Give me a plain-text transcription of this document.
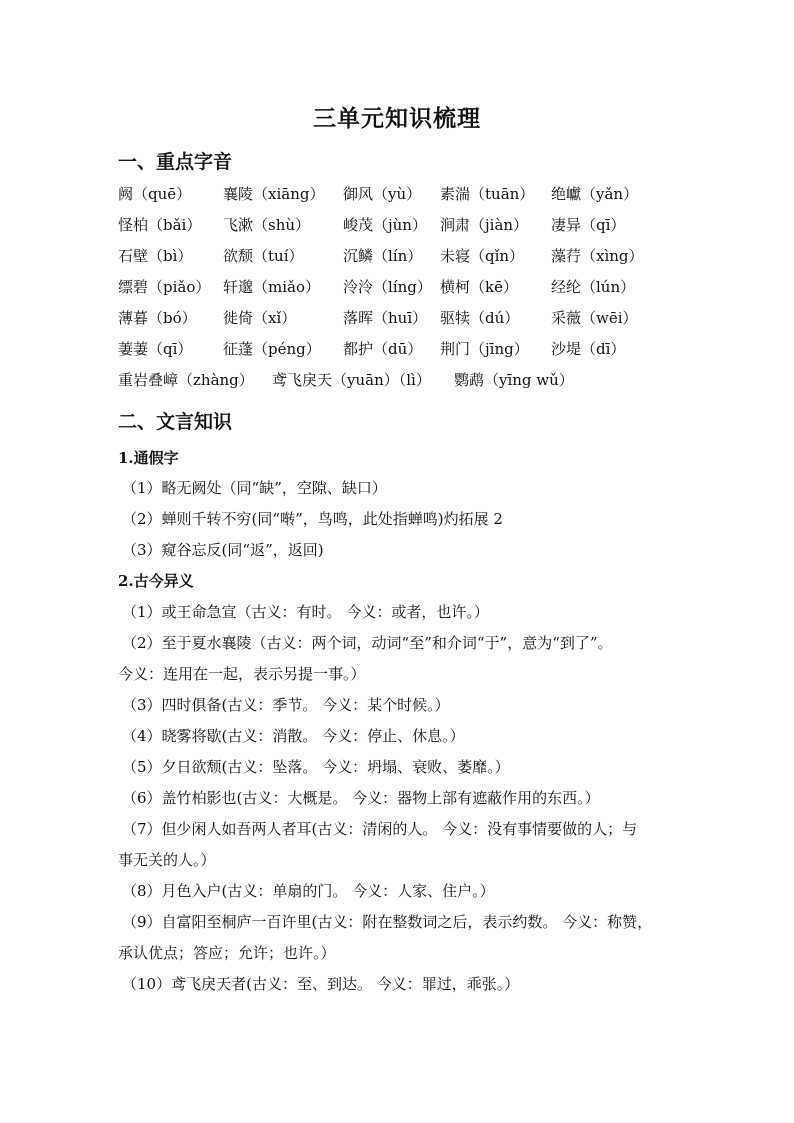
三单元知识梳理
一、重点字音
阙（quē） 襄陵（xiāng） 御风（yù） 素湍（tuān） 绝巘（yǎn）
怪柏（bǎi） 飞漱（shù） 峻茂（jùn） 涧肃（jiàn） 凄异（qī）
石壁（bì） 欲颓（tuí）	沉鳞（lín） 未寝（qǐn） 藻荇（xìng）
缥碧（piǎo） 轩邈（miǎo） 泠泠（líng） 横柯（kē） 经纶（lún）
薄暮（bó） 徙倚（xǐ）	落晖（huī） 驱犊（dú） 采薇（wēi）
萋萋（qī） 征蓬（péng） 都护（dū） 荆门（jīng） 沙堤（dī）
重岩叠嶂（zhàng） 鸢飞戾天（yuān）（lì） 鹦鹉（yīng wǔ）
二、文言知识
1.通假字
（1）略无阙处（同“缺”，空隙、缺口）
（2）蝉则千转不穷(同“啭”，鸟鸣，此处指蝉鸣)灼拓展 2
（3）窥谷忘反(同“返”，返回)
2.古今异义
（1）或王命急宣（古义：有时。 今义：或者，也许。）
（2）至于夏水襄陵（古义：两个词，动词“至”和介词“于”，意为“到了”。
今义：连用在一起，表示另提一事。）
（3）四时俱备(古义：季节。 今义：某个时候。）
（4）晓雾将歇(古义：消散。 今义：停止、休息。）
（5）夕日欲颓(古义：坠落。 今义：坍塌、衰败、萎靡。）
（6）盖竹柏影也(古义：大概是。 今义：器物上部有遮蔽作用的东西。）
（7）但少闲人如吾两人者耳(古义：清闲的人。 今义：没有事情要做的人；与
事无关的人。）
（8）月色入户(古义：单扇的门。 今义：人家、住户。）
（9）自富阳至桐庐一百许里(古义：附在整数词之后，表示约数。 今义：称赞，
承认优点；答应；允许；也许。）
（10）鸢飞戾天者(古义：至、到达。 今义：罪过，乖张。）
